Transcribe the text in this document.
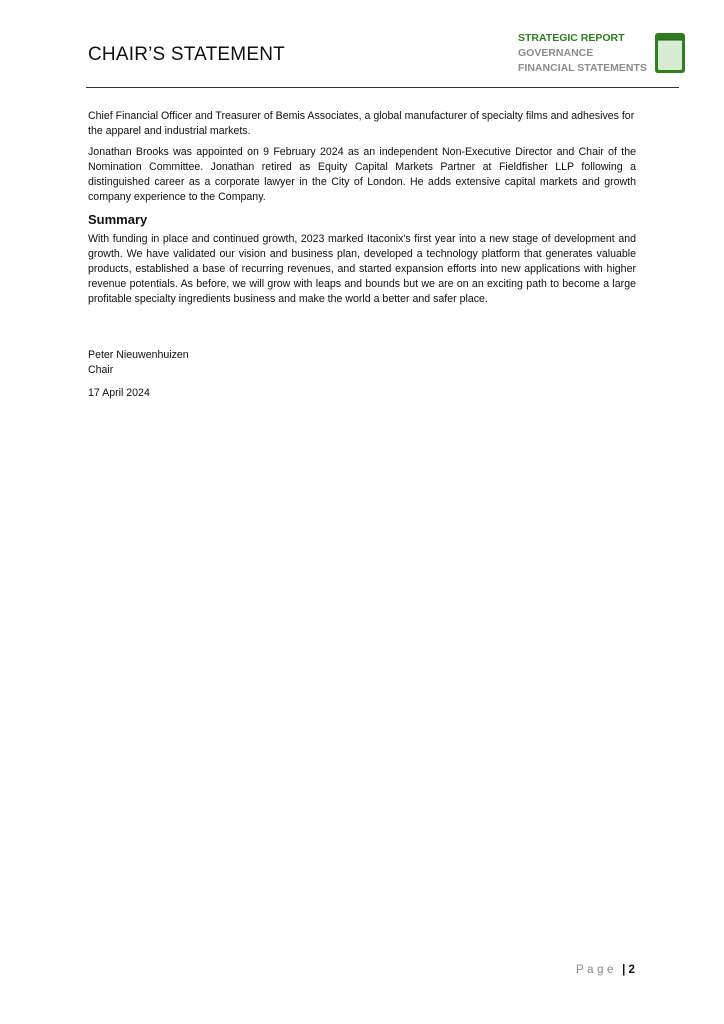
CHAIR’S STATEMENT
STRATEGIC REPORT
GOVERNANCE
FINANCIAL STATEMENTS

Chief Financial Officer and Treasurer of Bemis Associates, a global manufacturer of specialty films and adhesives for the apparel and industrial markets.

Jonathan Brooks was appointed on 9 February 2024 as an independent Non-Executive Director and Chair of the Nomination Committee. Jonathan retired as Equity Capital Markets Partner at Fieldfisher LLP following a distinguished career as a corporate lawyer in the City of London. He adds extensive capital markets and growth company experience to the Company.

Summary

With funding in place and continued growth, 2023 marked Itaconix's first year into a new stage of development and growth. We have validated our vision and business plan, developed a technology platform that generates valuable products, established a base of recurring revenues, and started expansion efforts into new applications with higher revenue potentials. As before, we will grow with leaps and bounds but we are on an exciting path to become a large profitable specialty ingredients business and make the world a better and safer place.

Peter Nieuwenhuizen
Chair
17 April 2024
Page | 2
